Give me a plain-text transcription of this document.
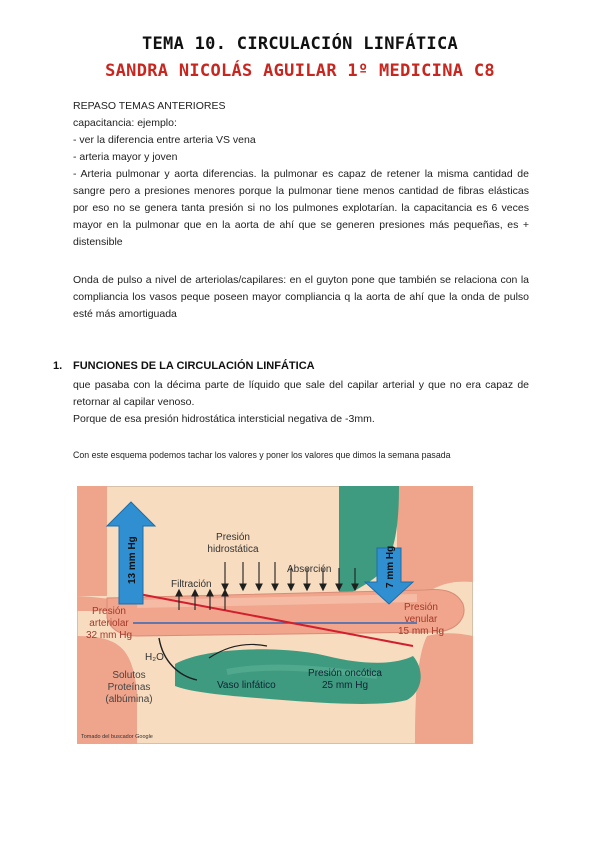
TEMA 10. CIRCULACIÓN LINFÁTICA
SANDRA NICOLÁS AGUILAR 1º MEDICINA C8

REPASO TEMAS ANTERIORES

capacitancia: ejemplo:

- ver la diferencia entre arteria VS vena

- arteria mayor y joven

- Arteria pulmonar y aorta diferencias. la pulmonar es capaz de retener la misma cantidad de sangre pero a presiones menores porque la pulmonar tiene menos cantidad de fibras elásticas por eso no se genera tanta presión si no los pulmones explotarían. la capacitancia es 6 veces mayor en la pulmonar que en la aorta de ahí que se generen presiones más pequeñas, es + distensible

Onda de pulso a nivel de arteriolas/capilares: en el guyton pone que también se relaciona con la compliancia los vasos peque poseen mayor compliancia q la aorta de ahí que la onda de pulso esté más amortiguada

1. FUNCIONES DE LA CIRCULACIÓN LINFÁTICA

que pasaba con la décima parte de líquido que sale del capilar arterial y que no era capaz de retornar al capilar venoso.

Porque de esa presión hidrostática intersticial negativa de -3mm.

Con este esquema podemos tachar los valores y poner los valores que dimos la semana pasada
13 mm Hg	7 mm Hg
Presión
hidrostática
Filtración
Absorción
Presión
arteriolar
32 mm Hg
Presión
venular
15 mm Hg
H₂O
Solutos
Proteínas
(albúmina)
Vaso linfático
Presión oncótica
25 mm Hg
Tomado del buscador Google
